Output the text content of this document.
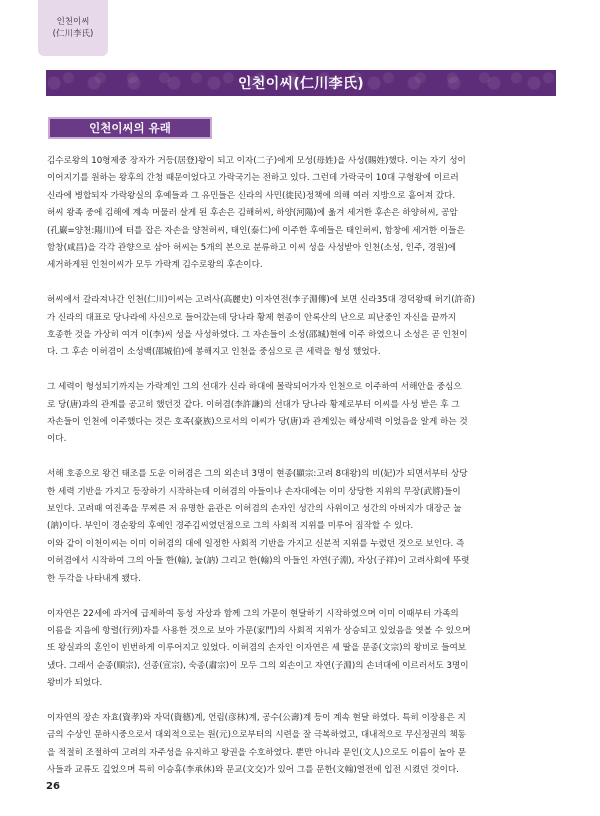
인천이씨
(仁川李氏)
인천이씨(仁川李氏)
인천이씨의 유래
김수로왕의 10형제중 장자가 거등(居登)왕이 되고 이자(二子)에게 모성(母姓)을 사성(賜姓)했다. 이는 자기 성이
이어지기를 원하는 왕후의 간청 때문이었다고 가락국기는 전하고 있다. 그런데 가락국이 10대 구형왕에 이르러
신라에 병합되자 가락왕실의 후예들과 그 유민들은 신라의 사민(徙民)정책에 의해 여러 지방으로 흩어져 갔다.
허씨 왕족 중에 김해에 계속 머물러 살게 된 후손은 김해허씨, 하양(河陽)에 옮겨 세거한 후손은 하양허씨, 공암
(孔巖=양천:陽川)에 터를 잡은 자손을 양천허씨, 태인(泰仁)에 이주한 후예들은 태인허씨, 함창에 세거한 이들은
함창(咸昌)을 각각 관향으로 삼아 허씨는 5개의 본으로 분류하고 이씨 성을 사성받아 인천(소성, 인주, 경원)에
세거하게된 인천이씨가 모두 가락계 김수로왕의 후손이다.
허씨에서 갈라져나간 인천(仁川)이씨는 고려사(高麗史) 이자연전(李子淵傳)에 보면 신라35대 경덕왕때 허기(許奇)
가 신라의 대표로 당나라에 사신으로 들어갔는데 당나라 황제 현종이 안록산의 난으로 피난중인 자신을 끝까지
호종한 것을 가상히 여겨 이(李)씨 성을 사성하였다. 그 자손들이 소성(邵城)현에 이주 하였으니 소성은 곧 인천이
다. 그 후손 이허겸이 소성백(邵城伯)에 봉해지고 인천을 중심으로 큰 세력을 형성 했었다.
그 세력이 형성되기까지는 가락계인 그의 선대가 신라 하대에 몰락되어가자 인천으로 이주하여 서해안을 중심으
로 당(唐)과의 관계를 공고히 했던것 같다. 이허겸(李許謙)의 선대가 당나라 황제로부터 이씨를 사성 받은 후 그
자손들이 인천에 이주했다는 것은 호족(豪族)으로서의 이씨가 당(唐)과 관계있는 해상세력 이었음을 알게 하는 것
이다.
서해 호종으로 왕건 태조를 도운 이허겸은 그의 외손녀 3명이 현종(顯宗:고려 8대왕)의 비(妃)가 되면서부터 상당
한 세력 기반을 가지고 등장하기 시작하는데 이허겸의 아들이나 손자대에는 이미 상당한 지위의 무장(武將)들이
보인다. 고려때 여진족을 무찌른 저 유명한 윤관은 이허겸의 손자인 성간의 사위이고 성간의 아버지가 대장군 눌
(訥)이다. 부인이 경순왕의 후예인 경주김씨였던점으로 그의 사회적 지위를 미루어 짐작할 수 있다.
이와 같이 이천이씨는 이미 이허겸의 대에 일정한 사회적 기반을 가지고 신분적 지위를 누렸던 것으로 보인다. 즉
이허겸에서 시작하여 그의 아들 한(翰), 눌(訥) 그리고 한(翰)의 아들인 자연(子淵), 자상(子祥)이 고려사회에 뚜렷
한 두각을 나타내게 됐다.
이자연은 22세에 과거에 급제하여 동성 자상과 함께 그의 가문이 현달하기 시작하였으며 이미 이때부터 가족의
이름을 지음에 항렬(行列)자를 사용한 것으로 보아 가문(家門)의 사회적 지위가 상승되고 있었음을 엿볼 수 있으며
또 왕실과의 혼인이 빈번하게 이루어지고 있었다. 이허겸의 손자인 이자연은 세 딸을 문종(文宗)의 왕비로 들여보
냈다. 그래서 순종(順宗), 선종(宣宗), 숙종(肅宗)이 모두 그의 외손이고 자연(子淵)의 손녀대에 이르러서도 3명이
왕비가 되었다.
이자연의 장손 자효(資孝)와 자덕(資德)계, 언림(彦林)계, 공수(公壽)계 등이 계속 현달 하였다. 특히 이장용은 지
금의 수상인 문하시중으로서 대외적으로는 원(元)으로부터의 시련을 잘 극복하였고, 대내적으로 무신정권의 책동
을 적절히 조절하여 고려의 자주성을 유지하고 왕권을 수호하였다. 뿐만 아니라 문인(文人)으로도 이름이 높아 문
사들과 교류도 깊었으며 특히 이승휴(李承休)와 문교(文交)가 있어 그를 문한(文翰)열전에 입전 시켰던 것이다.
26
